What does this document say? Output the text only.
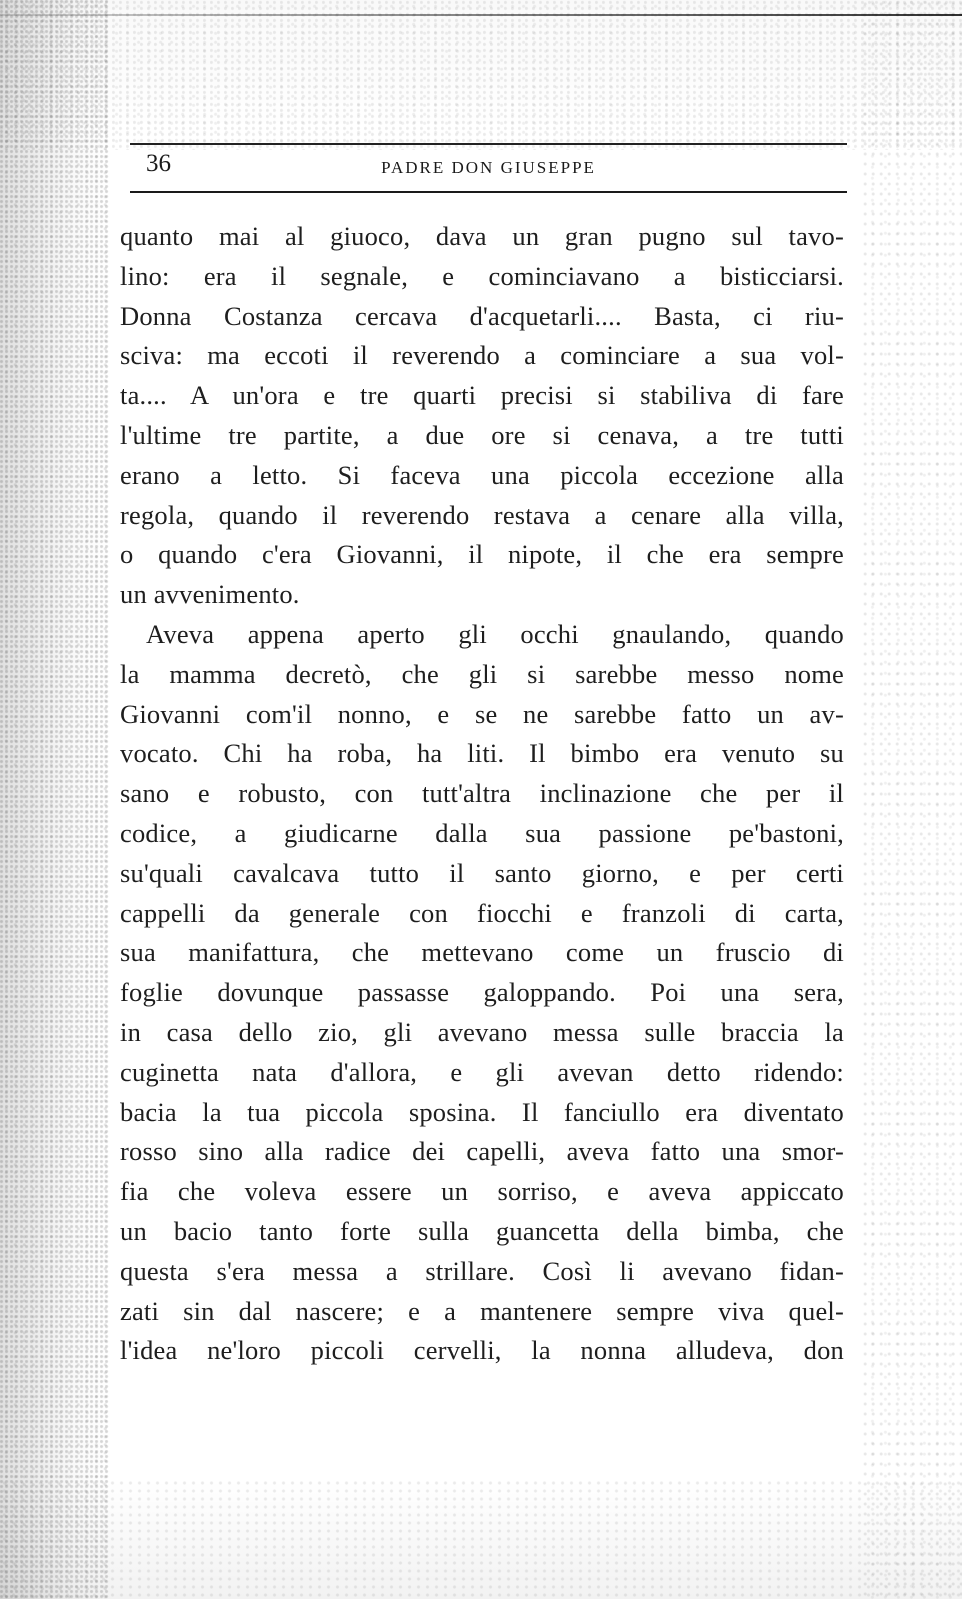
36	PADRE DON GIUSEPPE
quanto mai al giuoco, dava un gran pugno sul tavo-
lino: era il segnale, e cominciavano a bisticciarsi.
Donna Costanza cercava d'acquetarli.... Basta, ci riu-
sciva: ma eccoti il reverendo a cominciare a sua vol-
ta.... A un'ora e tre quarti precisi si stabiliva di fare
l'ultime tre partite, a due ore si cenava, a tre tutti
erano a letto. Si faceva una piccola eccezione alla
regola, quando il reverendo restava a cenare alla villa,
o quando c'era Giovanni, il nipote, il che era sempre
un avvenimento.
Aveva appena aperto gli occhi gnaulando, quando
la mamma decretò, che gli si sarebbe messo nome
Giovanni com'il nonno, e se ne sarebbe fatto un av-
vocato. Chi ha roba, ha liti. Il bimbo era venuto su
sano e robusto, con tutt'altra inclinazione che per il
codice, a giudicarne dalla sua passione pe'bastoni,
su'quali cavalcava tutto il santo giorno, e per certi
cappelli da generale con fiocchi e franzoli di carta,
sua manifattura, che mettevano come un fruscio di
foglie dovunque passasse galoppando. Poi una sera,
in casa dello zio, gli avevano messa sulle braccia la
cuginetta nata d'allora, e gli avevan detto ridendo:
bacia la tua piccola sposina. Il fanciullo era diventato
rosso sino alla radice dei capelli, aveva fatto una smor-
fia che voleva essere un sorriso, e aveva appiccato
un bacio tanto forte sulla guancetta della bimba, che
questa s'era messa a strillare. Così li avevano fidan-
zati sin dal nascere; e a mantenere sempre viva quel-
l'idea ne'loro piccoli cervelli, la nonna alludeva, don
